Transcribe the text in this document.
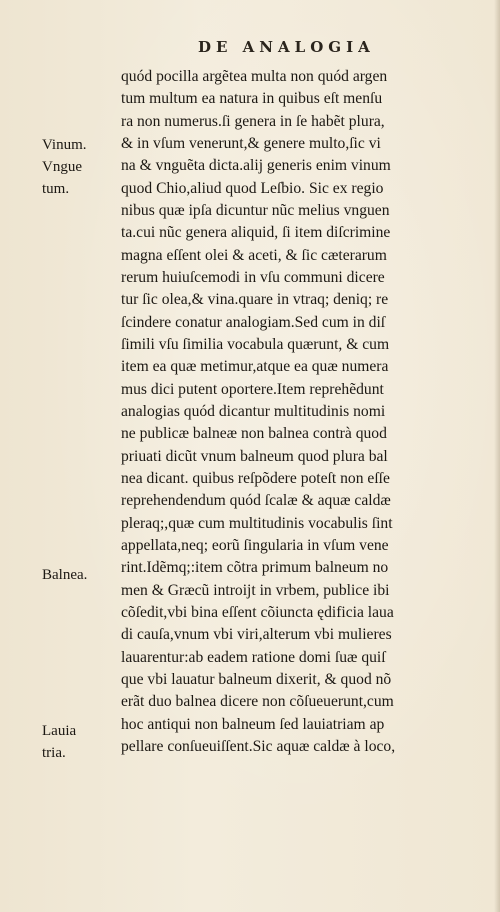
DE ANALOGIA
Vinum.
Vngue
tum.
Balnea.
Lauia
tria.
quód pocilla argẽtea multa non quód argen
tum multum ea natura in quibus eſt menſu
ra non numerus.ſi genera in ſe habẽt plura,
& in vſum venerunt,& genere multo,ſic vi
na & vnguẽta dicta.alij generis enim vinum
quod Chio,aliud quod Leſbio. Sic ex regio
nibus quæ ipſa dicuntur nũc melius vnguen
ta.cui nũc genera aliquid, ſi item diſcrimine
magna eſſent olei & aceti, & ſic cæterarum
rerum huiuſcemodi in vſu communi dicere
tur ſic olea,& vina.quare in vtraq; deniq; re
ſcindere conatur analogiam.Sed cum in diſ
ſimili vſu ſimilia vocabula quærunt, & cum
item ea quæ metimur,atque ea quæ numera
mus dici putent oportere.Item reprehẽdunt
analogias quód dicantur multitudinis nomi
ne publicæ balneæ non balnea contrà quod
priuati dicũt vnum balneum quod plura bal
nea dicant. quibus reſpõdere poteſt non eſſe
reprehendendum quód ſcalæ & aquæ caldæ
pleraq;,quæ cum multitudinis vocabulis ſint
appellata,neq; eorũ ſingularia in vſum vene
rint.Idẽmq;:item cõtra primum balneum no
men & Græcũ introijt in vrbem, publice ibi
cõſedit,vbi bina eſſent cõiuncta ędificia laua
di cauſa,vnum vbi viri,alterum vbi mulieres
lauarentur:ab eadem ratione domi ſuæ quiſ
que vbi lauatur balneum dixerit, & quod nõ
erãt duo balnea dicere non cõſueuerunt,cum
hoc antiqui non balneum ſed lauiatriam ap
pellare conſueuiſſent.Sic aquæ caldæ à loco,
